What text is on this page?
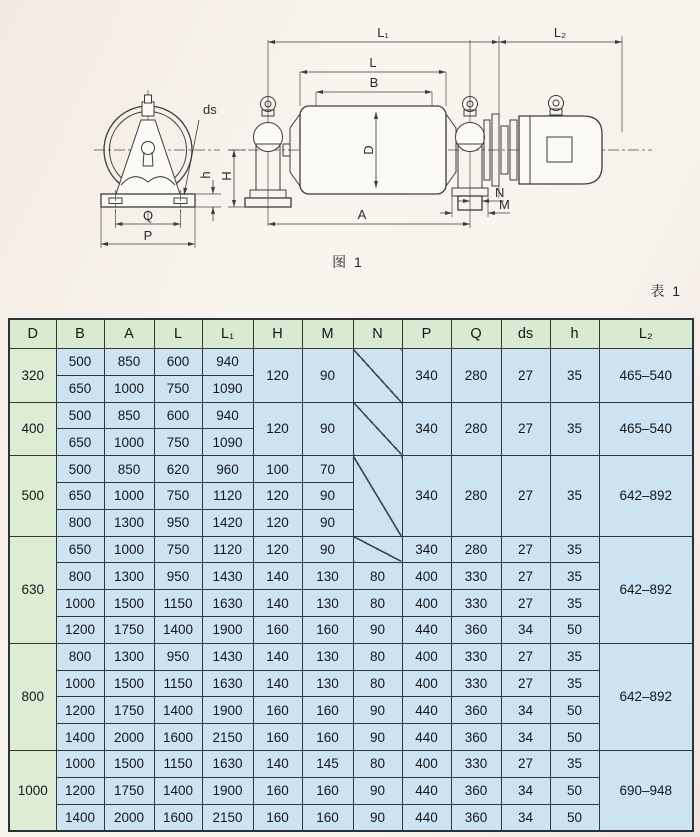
L₁	L₂
L
B
D
H
A
N
M
ds
h
Q
P
图 1
表 1
D	B	A	L	L₁	H	M	N	P	Q	ds	h	L₂
320	500	850	600	940	120	90		340	280	27	35	465–540
	650	1000	750	1090								
400	500	850	600	940	120	90		340	280	27	35	465–540
	650	1000	750	1090								
500	500	850	620	960	100	70		340	280	27	35	642–892
	650	1000	750	1120	120	90						
	800	1300	950	1420	120	90						
630	650	1000	750	1120	120	90		340	280	27	35	642–892
	800	1300	950	1430	140	130	80	400	330	27	35	
	1000	1500	1150	1630	140	130	80	400	330	27	35	
	1200	1750	1400	1900	160	160	90	440	360	34	50	
800	800	1300	950	1430	140	130	80	400	330	27	35	642–892
	1000	1500	1150	1630	140	130	80	400	330	27	35	
	1200	1750	1400	1900	160	160	90	440	360	34	50	
	1400	2000	1600	2150	160	160	90	440	360	34	50	
1000	1000	1500	1150	1630	140	145	80	400	330	27	35	690–948
	1200	1750	1400	1900	160	160	90	440	360	34	50	
	1400	2000	1600	2150	160	160	90	440	360	34	50	
